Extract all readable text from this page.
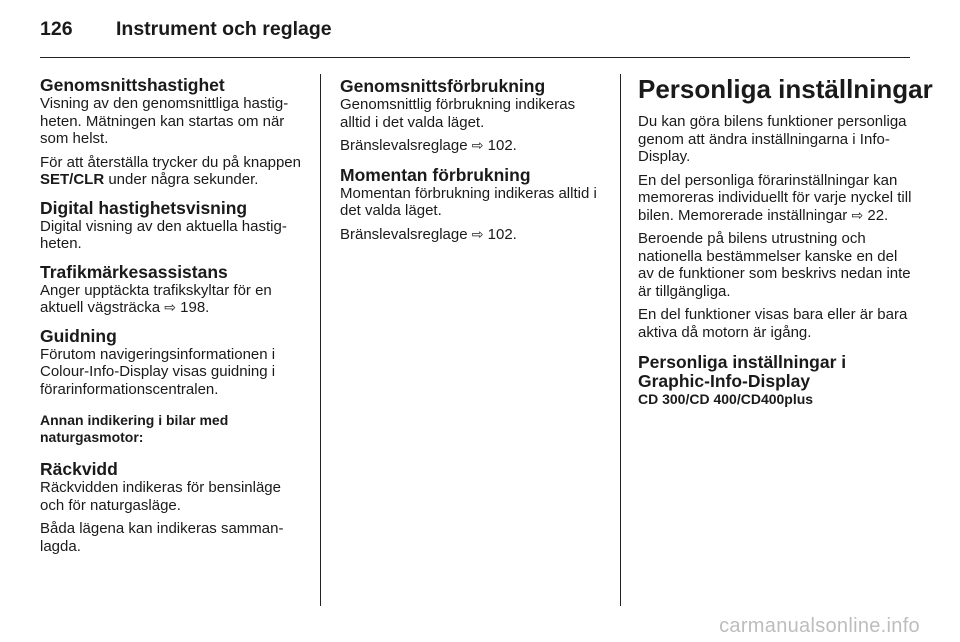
126 Instrument och reglage
Genomsnittshastighet

Visning av den genomsnittliga hastigheten. Mätningen kan startas om när som helst.

För att återställa trycker du på knappen SET/CLR under några sekunder.

Digital hastighetsvisning

Digital visning av den aktuella hastigheten.

Trafikmärkesassistans

Anger upptäckta trafikskyltar för en aktuell vägsträcka ⇨ 198.

Guidning

Förutom navigeringsinformationen i Colour-Info-Display visas guidning i förarinformationscentralen.

Annan indikering i bilar med naturgasmotor:

Räckvidd

Räckvidden indikeras för bensinläge och för naturgasläge.

Båda lägena kan indikeras sammanlagda.

Genomsnittsförbrukning

Genomsnittlig förbrukning indikeras alltid i det valda läget.

Bränslevalsreglage ⇨ 102.

Momentan förbrukning

Momentan förbrukning indikeras alltid i det valda läget.

Bränslevalsreglage ⇨ 102.

Personliga inställningar

Du kan göra bilens funktioner personliga genom att ändra inställningarna i Info-Display.

En del personliga förarinställningar kan memoreras individuellt för varje nyckel till bilen. Memorerade inställningar ⇨ 22.

Beroende på bilens utrustning och nationella bestämmelser kanske en del av de funktioner som beskrivs nedan inte är tillgängliga.

En del funktioner visas bara eller är bara aktiva då motorn är igång.

Personliga inställningar i Graphic-Info-Display

CD 300/CD 400/CD400plus

carmanualsonline.info
